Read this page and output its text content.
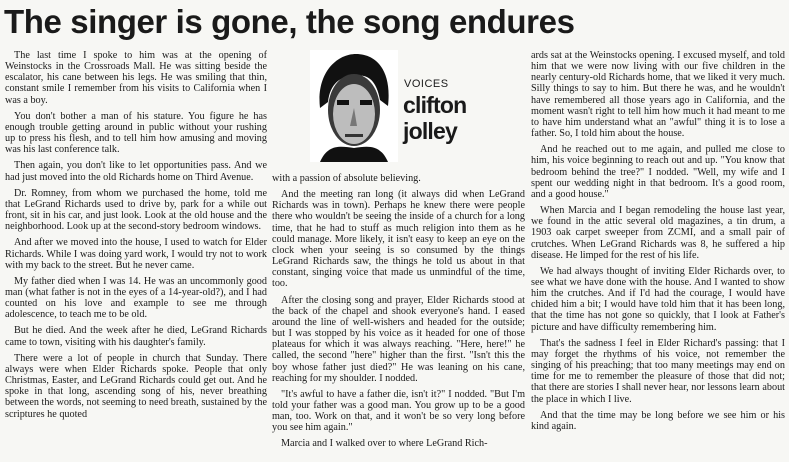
The singer is gone, the song endures

The last time I spoke to him was at the opening of Weinstocks in the Crossroads Mall. He was sitting beside the escalator, his cane between his legs. He was smiling that thin, constant smile I remember from his visits to California when I was a boy.

You don't bother a man of his stature. You figure he has enough trouble getting around in public without your rushing up to press his flesh, and to tell him how amusing and moving was his last conference talk.

Then again, you don't like to let opportunities pass. And we had just moved into the old Richards home on Third Avenue.

Dr. Romney, from whom we purchased the home, told me that LeGrand Richards used to drive by, park for a while out front, sit in his car, and just look. Look at the old house and the neighborhood. Look up at the second-story bedroom windows.

And after we moved into the house, I used to watch for Elder Richards. While I was doing yard work, I would try not to work with my back to the street. But he never came.

My father died when I was 14. He was an uncommonly good man (what father is not in the eyes of a 14-year-old?), and I had counted on his love and example to see me through adolescence, to teach me to be old.

But he died. And the week after he died, LeGrand Richards came to town, visiting with his daughter's family.

There were a lot of people in church that Sunday. There always were when Elder Richards spoke. People that only Christmas, Easter, and LeGrand Richards could get out. And he spoke in that long, ascending song of his, never breathing between the words, not seeming to need breath, sustained by the scriptures he quoted

VOICES
clifton
jolley

with a passion of absolute believing.

And the meeting ran long (it always did when LeGrand Richards was in town). Perhaps he knew there were people there who wouldn't be seeing the inside of a church for a long time, that he had to stuff as much religion into them as he could manage. More likely, it isn't easy to keep an eye on the clock when your seeing is so consumed by the things LeGrand Richards saw, the things he told us about in that constant, singing voice that made us unmindful of the time, too.

After the closing song and prayer, Elder Richards stood at the back of the chapel and shook everyone's hand. I eased around the line of well-wishers and headed for the outside; but I was stopped by his voice as it headed for one of those plateaus for which it was always reaching. "Here, here!" he called, the second "here" higher than the first. "Isn't this the boy whose father just died?" He was leaning on his cane, reaching for my shoulder. I nodded.

"It's awful to have a father die, isn't it?" I nodded. "But I'm told your father was a good man. You grow up to be a good man, too. Work on that, and it won't be so very long before you see him again."

Marcia and I walked over to where LeGrand Rich-

ards sat at the Weinstocks opening. I excused myself, and told him that we were now living with our five children in the nearly century-old Richards home, that we liked it very much. Silly things to say to him. But there he was, and he wouldn't have remembered all those years ago in California, and the moment wasn't right to tell him how much it had meant to me to have him understand what an "awful" thing it is to lose a father. So, I told him about the house.

And he reached out to me again, and pulled me close to him, his voice beginning to reach out and up. "You know that bedroom behind the tree?" I nodded. "Well, my wife and I spent our wedding night in that bedroom. It's a good room, and a good house."

When Marcia and I began remodeling the house last year, we found in the attic several old magazines, a tin drum, a 1903 oak carpet sweeper from ZCMI, and a small pair of crutches. When LeGrand Richards was 8, he suffered a hip disease. He limped for the rest of his life.

We had always thought of inviting Elder Richards over, to see what we have done with the house. And I wanted to show him the crutches. And if I'd had the courage, I would have chided him a bit; I would have told him that it has been long, that the time has not gone so quickly, that I look at Father's picture and have difficulty remembering him.

That's the sadness I feel in Elder Richard's passing: that I may forget the rhythms of his voice, not remember the singing of his preaching; that too many meetings may end on time for me to remember the pleasure of those that did not; that there are stories I shall never hear, nor lessons learn about the place in which I live.

And that the time may be long before we see him or his kind again.
